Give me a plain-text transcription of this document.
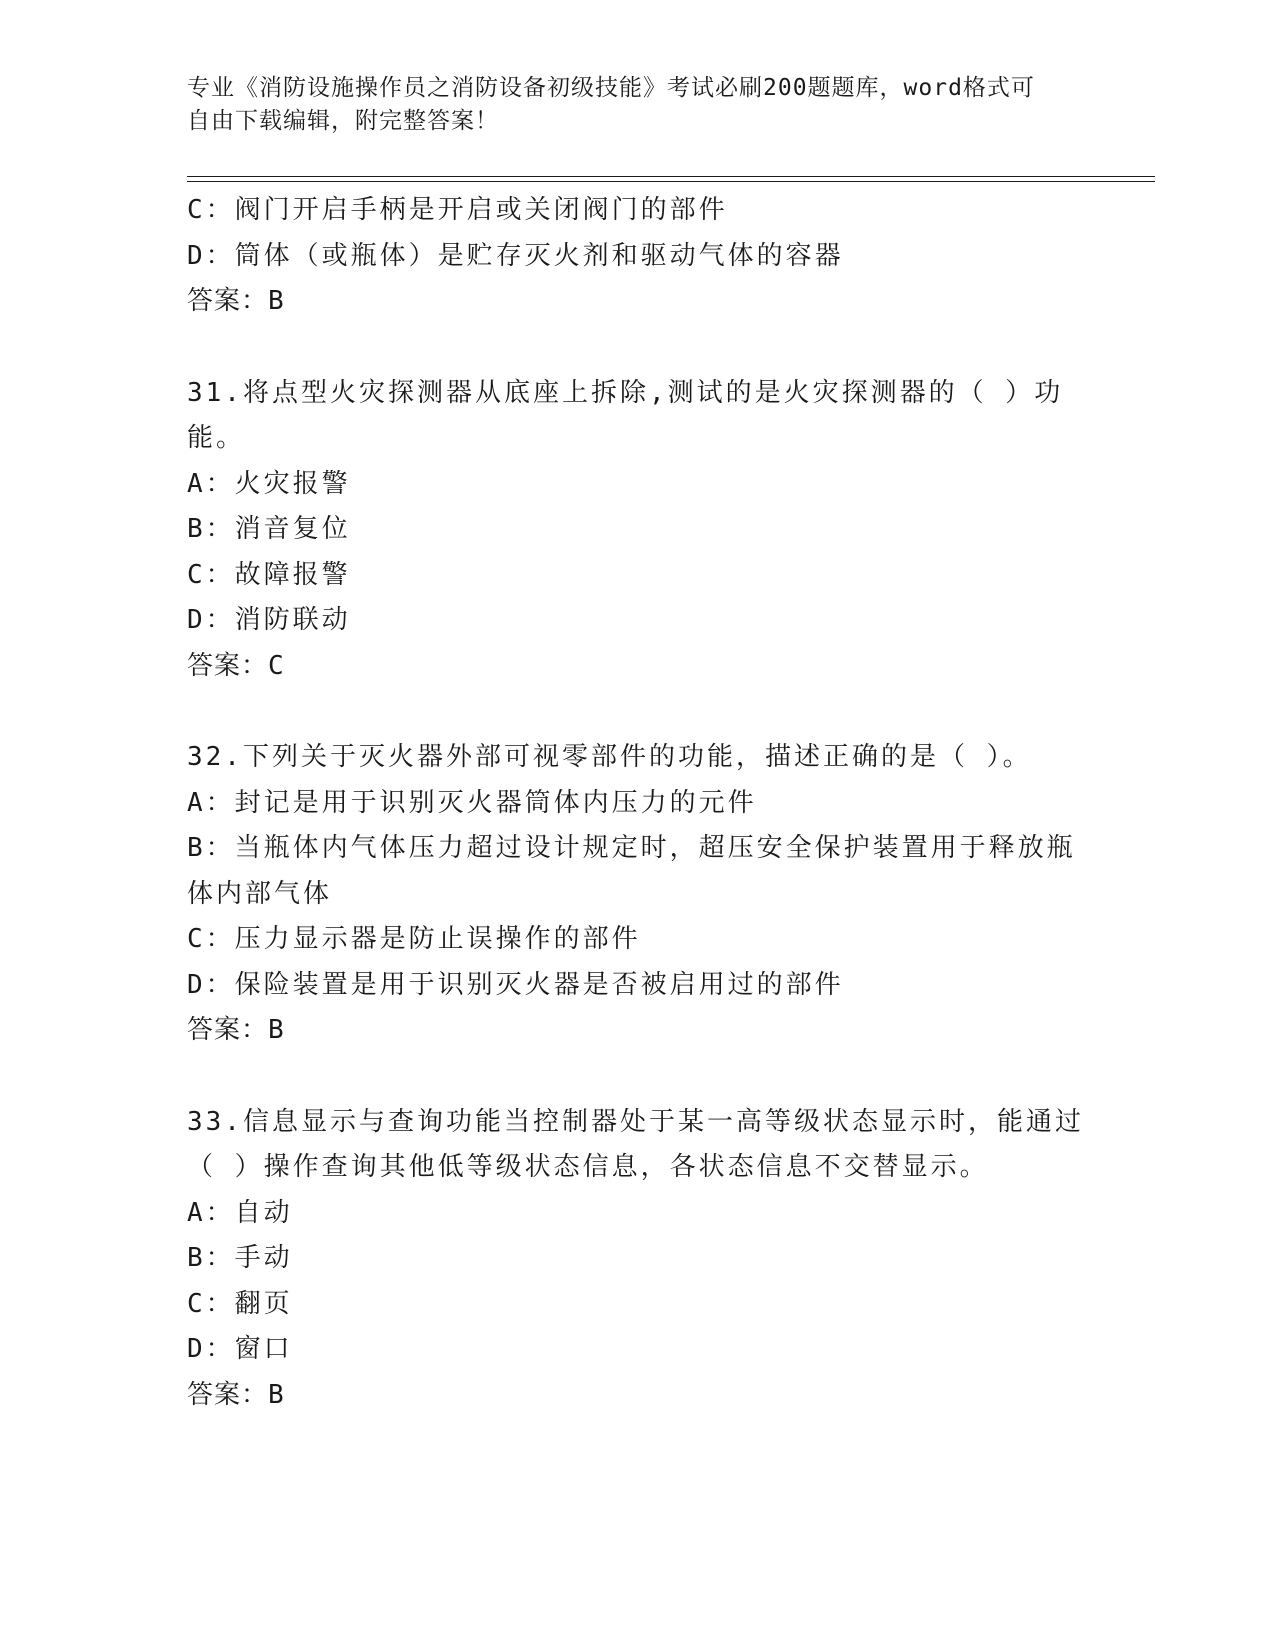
专业《消防设施操作员之消防设备初级技能》考试必刷200题题库，word格式可
自由下载编辑，附完整答案！
C：阀门开启手柄是开启或关闭阀门的部件
D：筒体（或瓶体）是贮存灭火剂和驱动气体的容器
答案：B
31.将点型火灾探测器从底座上拆除,测试的是火灾探测器的（ ）功
能。
A：火灾报警
B：消音复位
C：故障报警
D：消防联动
答案：C
32.下列关于灭火器外部可视零部件的功能，描述正确的是（ ）。
A：封记是用于识别灭火器筒体内压力的元件
B：当瓶体内气体压力超过设计规定时，超压安全保护装置用于释放瓶
体内部气体
C：压力显示器是防止误操作的部件
D：保险装置是用于识别灭火器是否被启用过的部件
答案：B
33.信息显示与查询功能当控制器处于某一高等级状态显示时，能通过
（ ）操作查询其他低等级状态信息，各状态信息不交替显示。
A：自动
B：手动
C：翻页
D：窗口
答案：B
